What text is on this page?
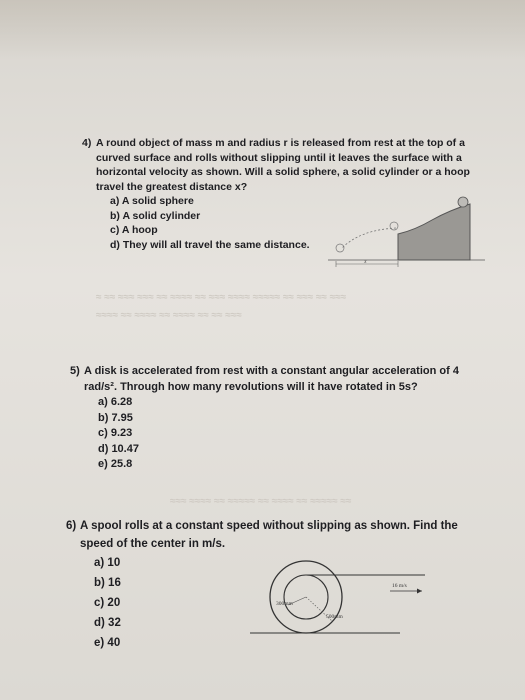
≈ ≈≈ ≈≈≈ ≈≈≈ ≈≈ ≈≈≈≈ ≈≈ ≈≈≈ ≈≈≈≈ ≈≈≈≈≈ ≈≈ ≈≈≈ ≈≈ ≈≈≈
≈≈≈≈ ≈≈ ≈≈≈≈ ≈≈ ≈≈≈≈ ≈≈ ≈≈ ≈≈≈
≈≈≈ ≈≈≈≈ ≈≈ ≈≈≈≈≈ ≈≈ ≈≈≈≈ ≈≈ ≈≈≈≈≈ ≈≈
4) A round object of mass m and radius r is released from rest at the top of a curved surface and rolls without slipping until it leaves the surface with a horizontal velocity as shown. Will a solid sphere, a solid cylinder or a hoop travel the greatest distance x?

a) A solid sphere

b) A solid cylinder

c) A hoop

d) They will all travel the same distance.

x
5) A disk is accelerated from rest with a constant angular acceleration of 4 rad/s². Through how many revolutions will it have rotated in 5s?

a) 6.28

b) 7.95

c) 9.23

d) 10.47

e) 25.8

6) A spool rolls at a constant speed without slipping as shown. Find the speed of the center in m/s.

a) 10

b) 16

c) 20

d) 32

e) 40

16 m/s
300mm
500mm
